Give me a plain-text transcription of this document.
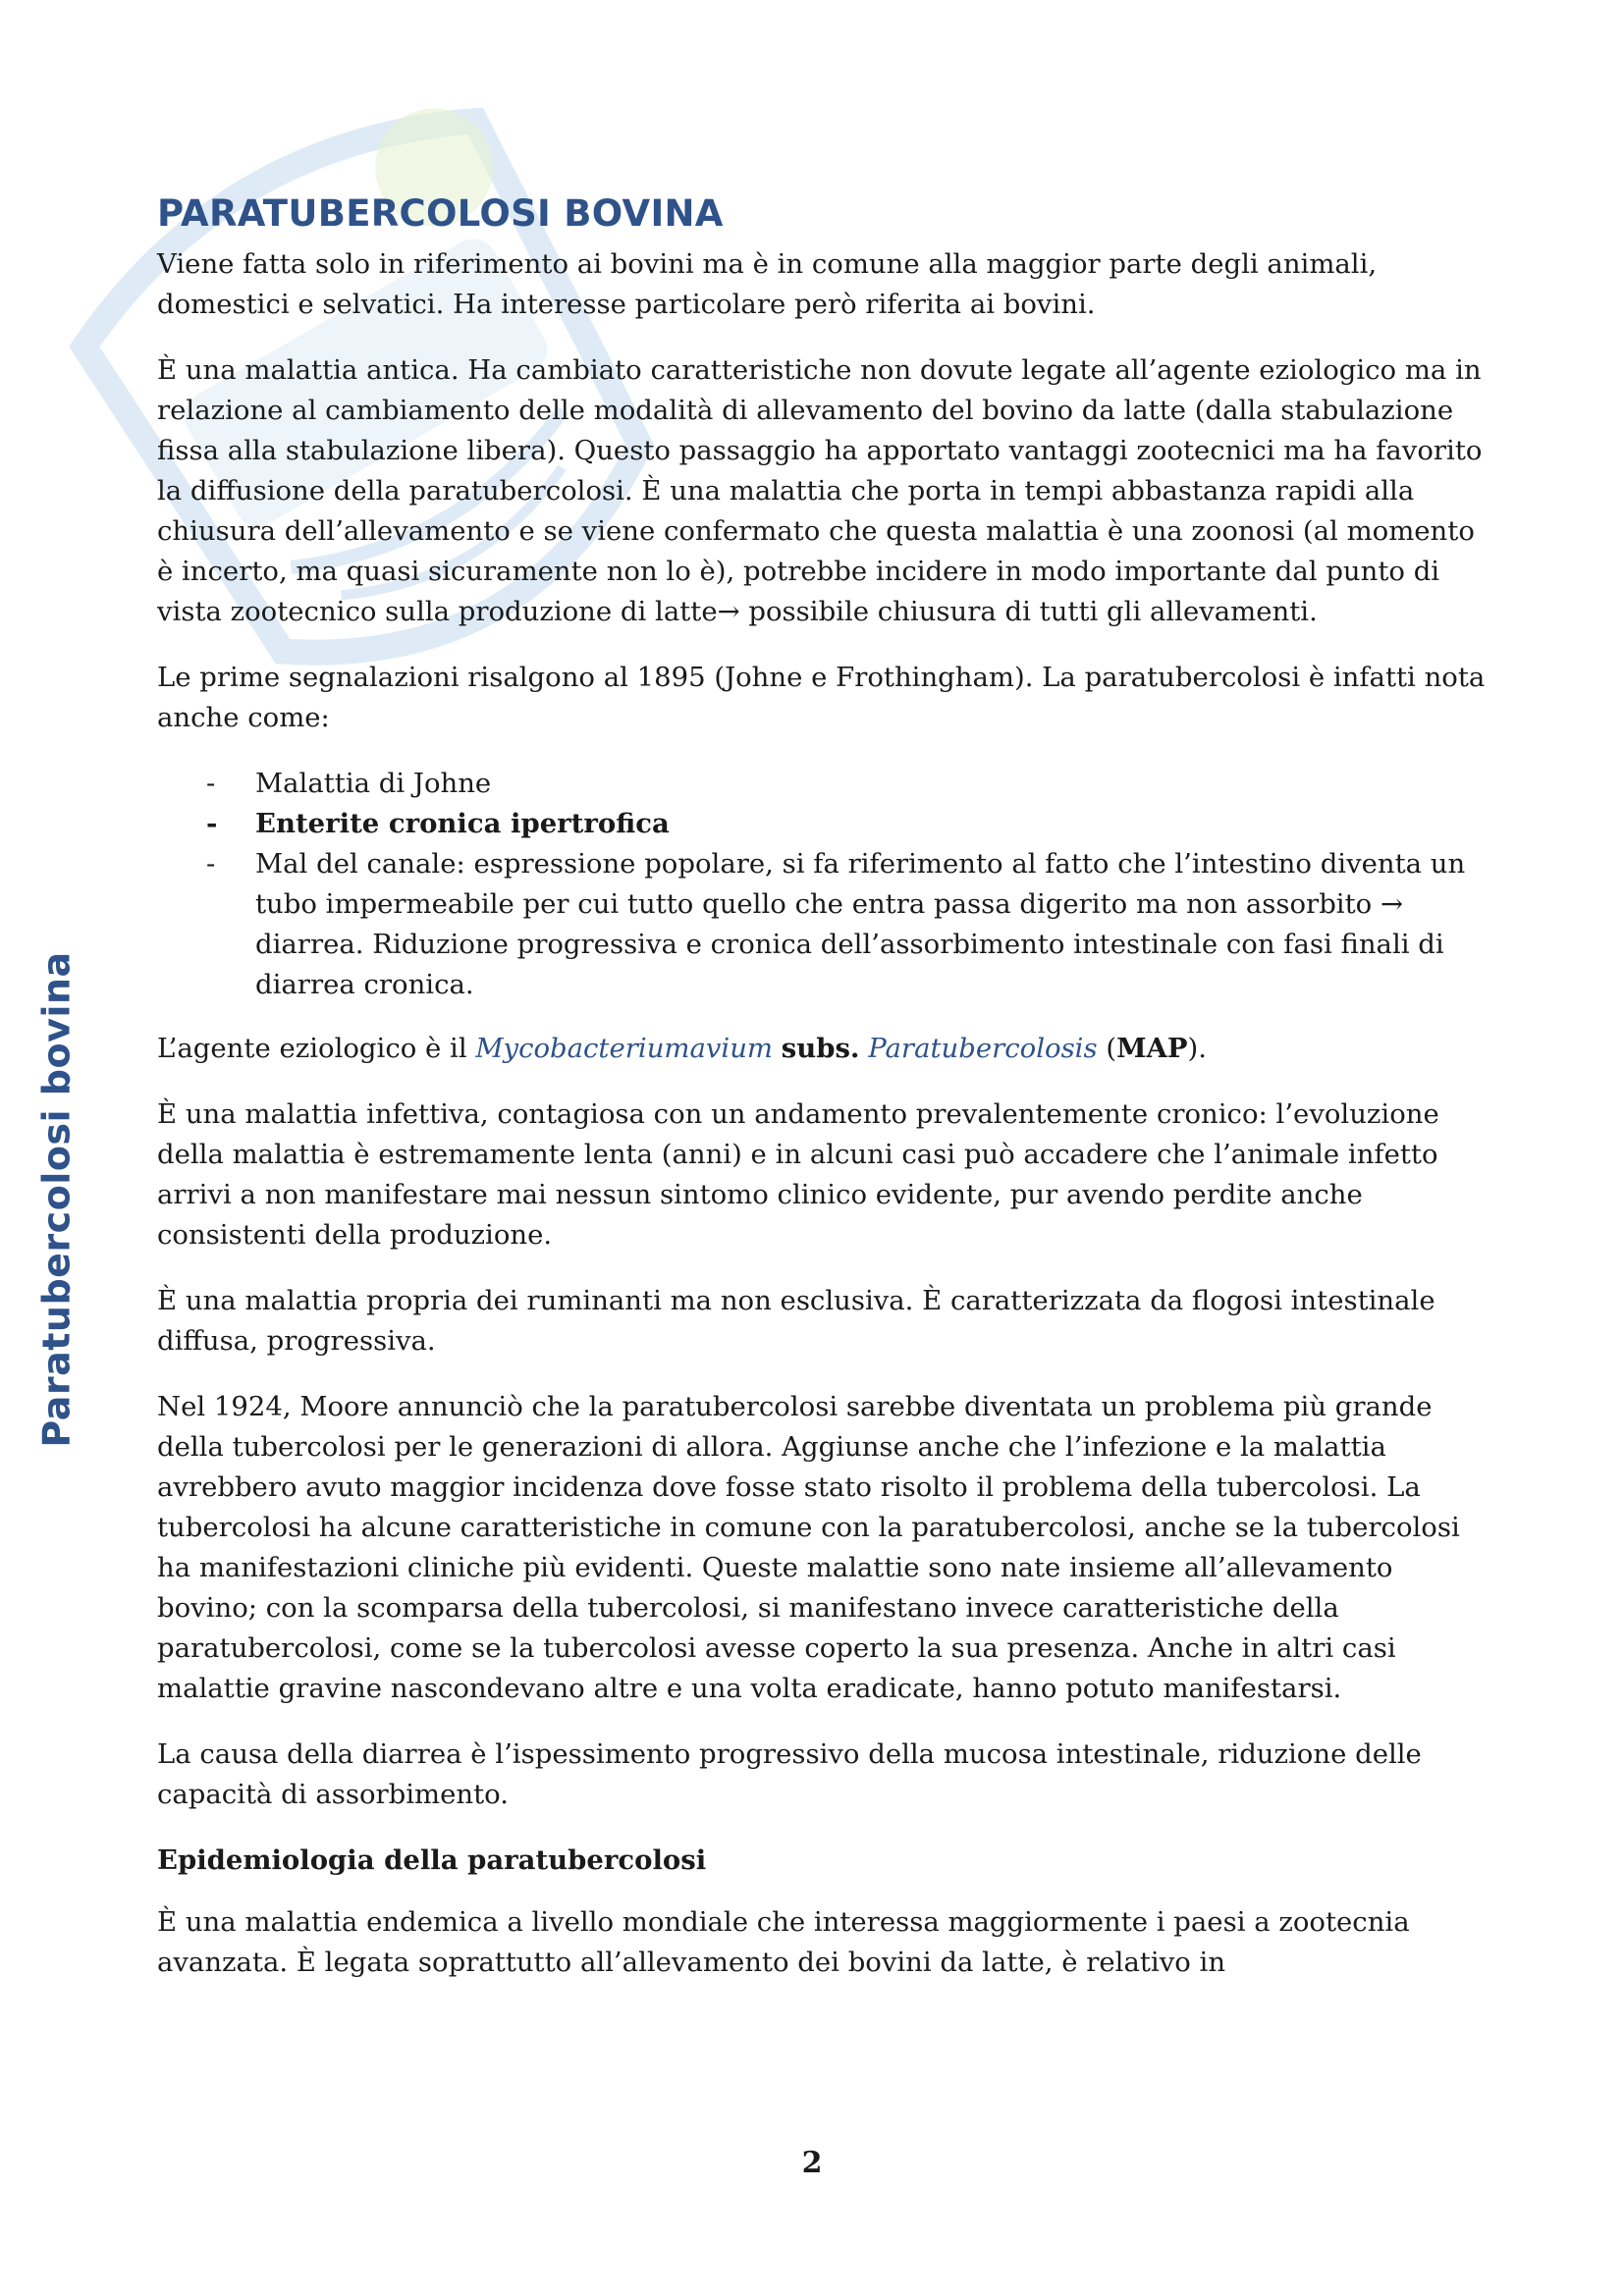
Paratubercolosi bovina
PARATUBERCOLOSI BOVINA

Viene fatta solo in riferimento ai bovini ma è in comune alla maggior parte degli animali, domestici e selvatici. Ha interesse particolare però riferita ai bovini.

È una malattia antica. Ha cambiato caratteristiche non dovute legate all’agente eziologico ma in relazione al cambiamento delle modalità di allevamento del bovino da latte (dalla stabulazione fissa alla stabulazione libera). Questo passaggio ha apportato vantaggi zootecnici ma ha favorito la diffusione della paratubercolosi. È una malattia che porta in tempi abbastanza rapidi alla chiusura dell’allevamento e se viene confermato che questa malattia è una zoonosi (al momento è incerto, ma quasi sicuramente non lo è), potrebbe incidere in modo importante dal punto di vista zootecnico sulla produzione di latte→ possibile chiusura di tutti gli allevamenti.

Le prime segnalazioni risalgono al 1895 (Johne e Frothingham). La paratubercolosi è infatti nota anche come:

- Malattia di Johne
- Enterite cronica ipertrofica
- Mal del canale: espressione popolare, si fa riferimento al fatto che l’intestino diventa un tubo impermeabile per cui tutto quello che entra passa digerito ma non assorbito → diarrea. Riduzione progressiva e cronica dell’assorbimento intestinale con fasi finali di diarrea cronica.

L’agente eziologico è il Mycobacteriumavium subs. Paratubercolosis (MAP).

È una malattia infettiva, contagiosa con un andamento prevalentemente cronico: l’evoluzione della malattia è estremamente lenta (anni) e in alcuni casi può accadere che l’animale infetto arrivi a non manifestare mai nessun sintomo clinico evidente, pur avendo perdite anche consistenti della produzione.

È una malattia propria dei ruminanti ma non esclusiva. È caratterizzata da flogosi intestinale diffusa, progressiva.

Nel 1924, Moore annunciò che la paratubercolosi sarebbe diventata un problema più grande della tubercolosi per le generazioni di allora. Aggiunse anche che l’infezione e la malattia avrebbero avuto maggior incidenza dove fosse stato risolto il problema della tubercolosi. La tubercolosi ha alcune caratteristiche in comune con la paratubercolosi, anche se la tubercolosi ha manifestazioni cliniche più evidenti. Queste malattie sono nate insieme all’allevamento bovino; con la scomparsa della tubercolosi, si manifestano invece caratteristiche della paratubercolosi, come se la tubercolosi avesse coperto la sua presenza. Anche in altri casi malattie gravine nascondevano altre e una volta eradicate, hanno potuto manifestarsi.

La causa della diarrea è l’ispessimento progressivo della mucosa intestinale, riduzione delle capacità di assorbimento.

Epidemiologia della paratubercolosi

È una malattia endemica a livello mondiale che interessa maggiormente i paesi a zootecnia avanzata. È legata soprattutto all’allevamento dei bovini da latte, è relativo in

2
